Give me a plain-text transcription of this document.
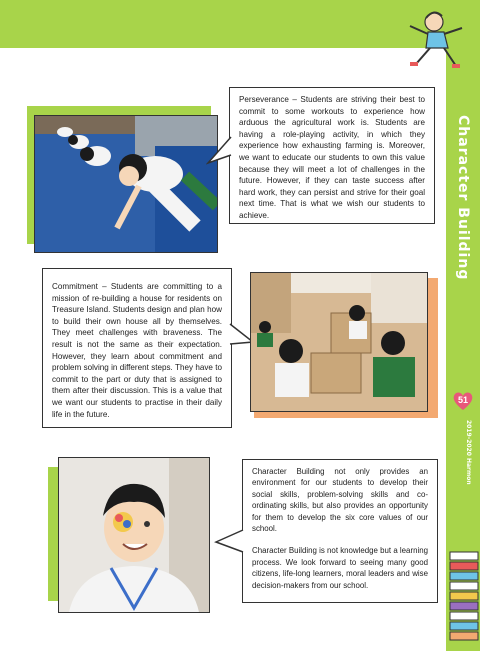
Character Building
51
2019-2020 Harmon

Perseverance – Students are striving their best to commit to some workouts to experience how arduous the agricultural work is. Students are having a role-playing activity, in which they experience how exhausting farming is. Moreover, we want to educate our students to own this value because they will meet a lot of challenges in the future. However, if they can taste success after hard work, they can persist and strive for their goal next time. That is what we wish our students to achieve.

Commitment – Students are committing to a mission of re-building a house for residents on Treasure Island. Students design and plan how to build their own house all by themselves. They meet challenges with braveness. The result is not the same as their expectation. However, they learn about commitment and problem solving in different steps. They have to commit to the part or duty that is assigned to them after their discussion. This is a value that we want our students to practise in their daily life in the future.

Character Building not only provides an environment for our students to develop their social skills, problem-solving skills and co-ordinating skills, but also provides an opportunity for them to develop the six core values of our school.

Character Building is not knowledge but a learning process. We look forward to seeing many good citizens, life-long learners, moral leaders and wise decision-makers from our school.
